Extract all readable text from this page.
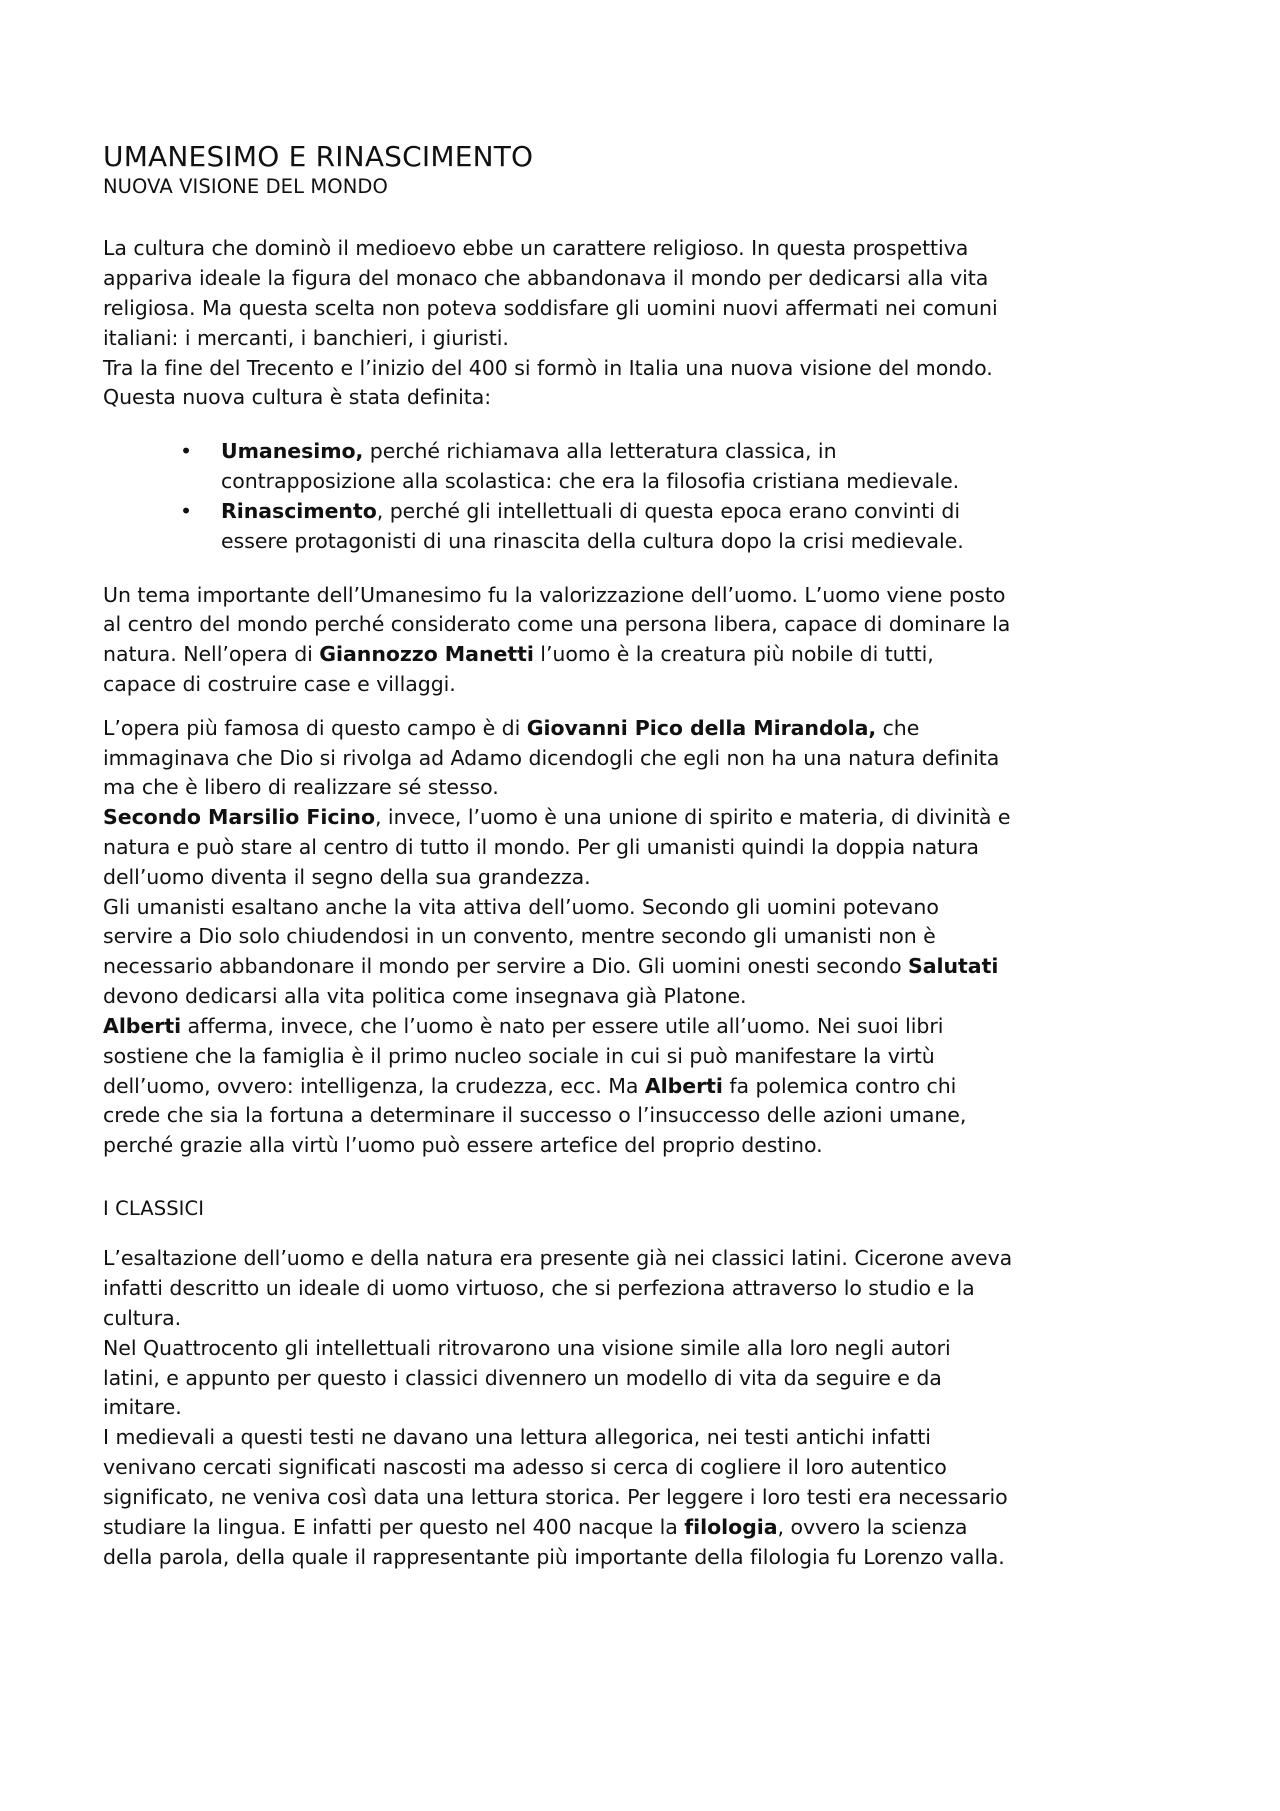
UMANESIMO E RINASCIMENTO
NUOVA VISIONE DEL MONDO

La cultura che dominò il medioevo ebbe un carattere religioso. In questa prospettiva appariva ideale la figura del monaco che abbandonava il mondo per dedicarsi alla vita religiosa. Ma questa scelta non poteva soddisfare gli uomini nuovi affermati nei comuni italiani: i mercanti, i banchieri, i giuristi.

Tra la fine del Trecento e l’inizio del 400 si formò in Italia una nuova visione del mondo. Questa nuova cultura è stata definita:

• Umanesimo, perché richiamava alla letteratura classica, in contrapposizione alla scolastica: che era la filosofia cristiana medievale.
• Rinascimento, perché gli intellettuali di questa epoca erano convinti di essere protagonisti di una rinascita della cultura dopo la crisi medievale.

Un tema importante dell’Umanesimo fu la valorizzazione dell’uomo. L’uomo viene posto al centro del mondo perché considerato come una persona libera, capace di dominare la natura. Nell’opera di Giannozzo Manetti l’uomo è la creatura più nobile di tutti, capace di costruire case e villaggi.

L’opera più famosa di questo campo è di Giovanni Pico della Mirandola, che immaginava che Dio si rivolga ad Adamo dicendogli che egli non ha una natura definita ma che è libero di realizzare sé stesso.

Secondo Marsilio Ficino, invece, l’uomo è una unione di spirito e materia, di divinità e natura e può stare al centro di tutto il mondo. Per gli umanisti quindi la doppia natura dell’uomo diventa il segno della sua grandezza.

Gli umanisti esaltano anche la vita attiva dell’uomo. Secondo gli uomini potevano servire a Dio solo chiudendosi in un convento, mentre secondo gli umanisti non è necessario abbandonare il mondo per servire a Dio. Gli uomini onesti secondo Salutati devono dedicarsi alla vita politica come insegnava già Platone.

Alberti afferma, invece, che l’uomo è nato per essere utile all’uomo. Nei suoi libri sostiene che la famiglia è il primo nucleo sociale in cui si può manifestare la virtù dell’uomo, ovvero: intelligenza, la crudezza, ecc. Ma Alberti fa polemica contro chi crede che sia la fortuna a determinare il successo o l’insuccesso delle azioni umane, perché grazie alla virtù l’uomo può essere artefice del proprio destino.

I CLASSICI

L’esaltazione dell’uomo e della natura era presente già nei classici latini. Cicerone aveva infatti descritto un ideale di uomo virtuoso, che si perfeziona attraverso lo studio e la cultura.

Nel Quattrocento gli intellettuali ritrovarono una visione simile alla loro negli autori latini, e appunto per questo i classici divennero un modello di vita da seguire e da imitare.

I medievali a questi testi ne davano una lettura allegorica, nei testi antichi infatti venivano cercati significati nascosti ma adesso si cerca di cogliere il loro autentico significato, ne veniva così data una lettura storica. Per leggere i loro testi era necessario studiare la lingua. E infatti per questo nel 400 nacque la filologia, ovvero la scienza della parola, della quale il rappresentante più importante della filologia fu Lorenzo valla.
